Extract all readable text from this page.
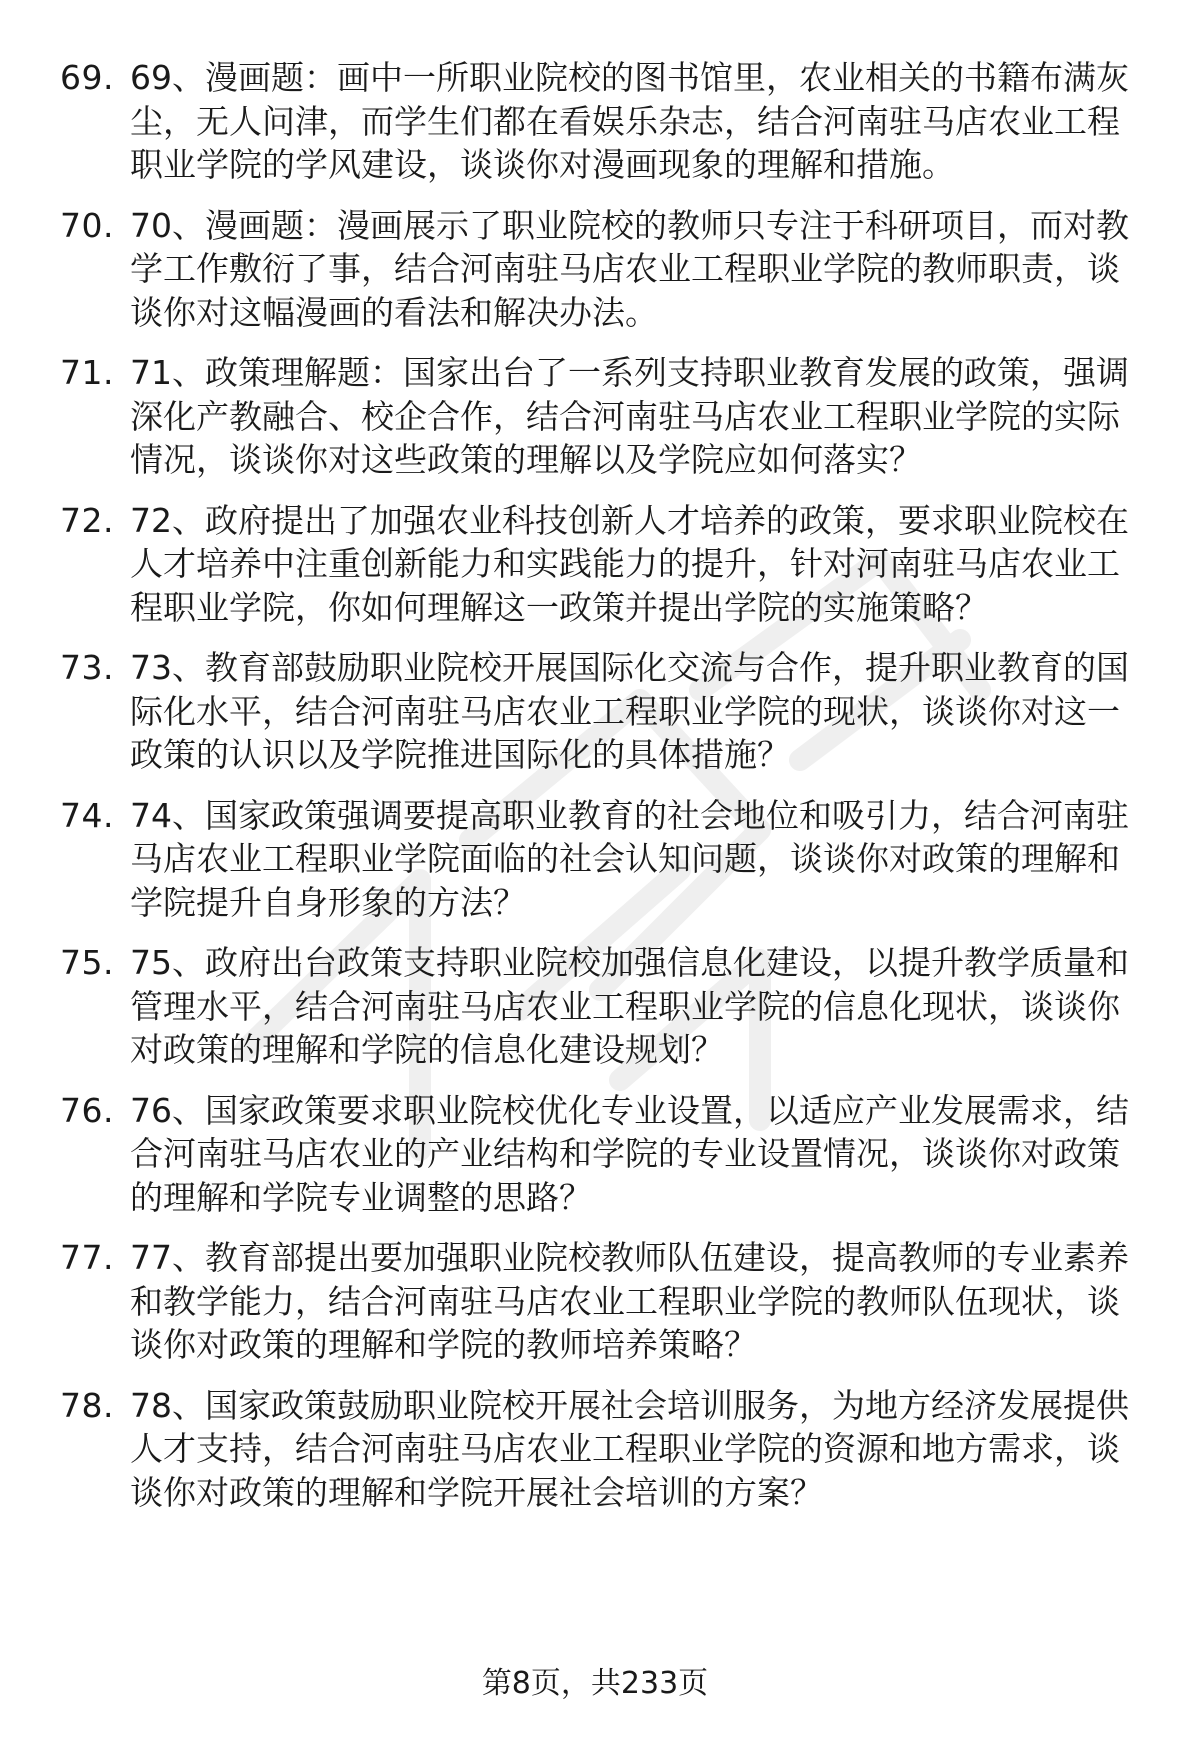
69. 69、漫画题：画中一所职业院校的图书馆里，农业相关的书籍布满灰尘，无人问津，而学生们都在看娱乐杂志，结合河南驻马店农业工程职业学院的学风建设，谈谈你对漫画现象的理解和措施。
70. 70、漫画题：漫画展示了职业院校的教师只专注于科研项目，而对教学工作敷衍了事，结合河南驻马店农业工程职业学院的教师职责，谈谈你对这幅漫画的看法和解决办法。
71. 71、政策理解题：国家出台了一系列支持职业教育发展的政策，强调深化产教融合、校企合作，结合河南驻马店农业工程职业学院的实际情况，谈谈你对这些政策的理解以及学院应如何落实？
72. 72、政府提出了加强农业科技创新人才培养的政策，要求职业院校在人才培养中注重创新能力和实践能力的提升，针对河南驻马店农业工程职业学院，你如何理解这一政策并提出学院的实施策略？
73. 73、教育部鼓励职业院校开展国际化交流与合作，提升职业教育的国际化水平，结合河南驻马店农业工程职业学院的现状，谈谈你对这一政策的认识以及学院推进国际化的具体措施？
74. 74、国家政策强调要提高职业教育的社会地位和吸引力，结合河南驻马店农业工程职业学院面临的社会认知问题，谈谈你对政策的理解和学院提升自身形象的方法？
75. 75、政府出台政策支持职业院校加强信息化建设，以提升教学质量和管理水平，结合河南驻马店农业工程职业学院的信息化现状，谈谈你对政策的理解和学院的信息化建设规划？
76. 76、国家政策要求职业院校优化专业设置，以适应产业发展需求，结合河南驻马店农业的产业结构和学院的专业设置情况，谈谈你对政策的理解和学院专业调整的思路？
77. 77、教育部提出要加强职业院校教师队伍建设，提高教师的专业素养和教学能力，结合河南驻马店农业工程职业学院的教师队伍现状，谈谈你对政策的理解和学院的教师培养策略？
78. 78、国家政策鼓励职业院校开展社会培训服务，为地方经济发展提供人才支持，结合河南驻马店农业工程职业学院的资源和地方需求，谈谈你对政策的理解和学院开展社会培训的方案？
第8页，共233页
